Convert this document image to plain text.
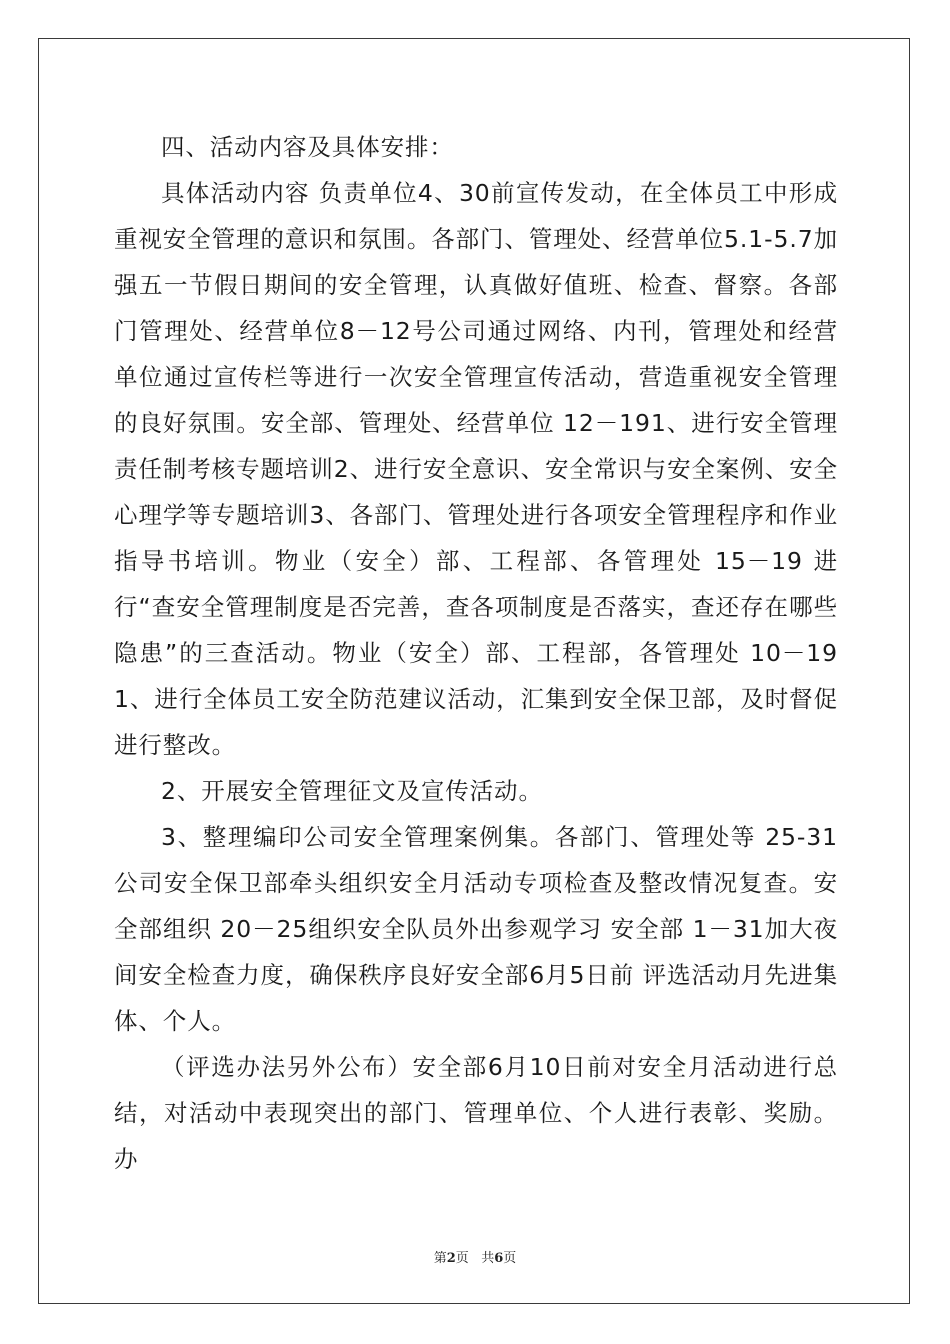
四、活动内容及具体安排：

具体活动内容 负责单位4、30前宣传发动，在全体员工中形成重视安全管理的意识和氛围。各部门、管理处、经营单位5.1-5.7加强五一节假日期间的安全管理，认真做好值班、检查、督察。各部门管理处、经营单位8－12号公司通过网络、内刊，管理处和经营单位通过宣传栏等进行一次安全管理宣传活动，营造重视安全管理的良好氛围。安全部、管理处、经营单位 12－191、进行安全管理责任制考核专题培训2、进行安全意识、安全常识与安全案例、安全心理学等专题培训3、各部门、管理处进行各项安全管理程序和作业指导书培训。物业（安全）部、工程部、各管理处 15－19 进行“查安全管理制度是否完善，查各项制度是否落实，查还存在哪些隐患”的三查活动。物业（安全）部、工程部，各管理处 10－191、进行全体员工安全防范建议活动，汇集到安全保卫部，及时督促进行整改。

2、开展安全管理征文及宣传活动。

3、整理编印公司安全管理案例集。各部门、管理处等 25-31 公司安全保卫部牵头组织安全月活动专项检查及整改情况复查。安全部组织 20－25组织安全队员外出参观学习 安全部 1－31加大夜间安全检查力度，确保秩序良好安全部6月5日前 评选活动月先进集体、个人。

（评选办法另外公布）安全部6月10日前对安全月活动进行总结，对活动中表现突出的部门、管理单位、个人进行表彰、奖励。办

第2页 共6页
